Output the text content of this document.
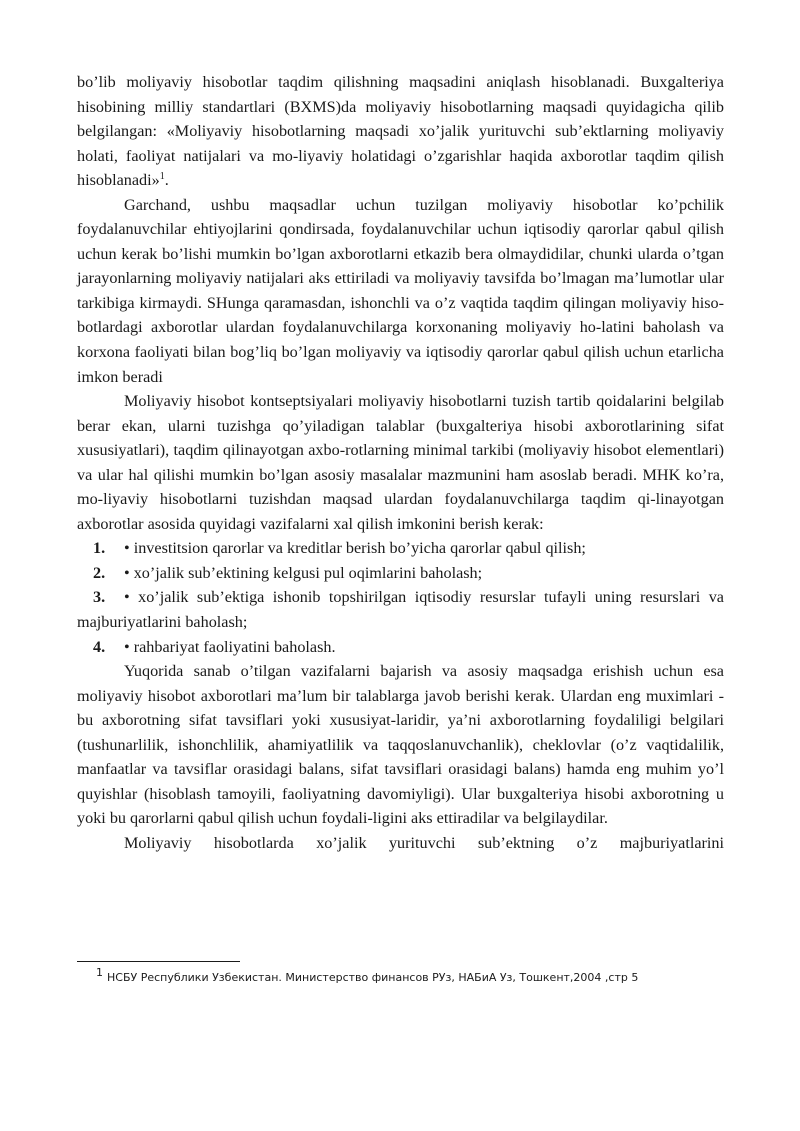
bo’lib moliyaviy hisobotlar taqdim qilishning maqsadini aniqlash hisoblanadi. Buxgalteriya hisobining milliy standartlari (BXMS)da moliyaviy hisobotlarning maqsadi quyidagicha qilib belgilangan: «Moliyaviy hisobotlarning maqsadi xo’jalik yurituvchi sub’ektlarning moliyaviy holati, faoliyat natijalari va mo-liyaviy holatidagi o’zgarishlar haqida axborotlar taqdim qilish hisoblanadi»$^1$.

Garchand, ushbu maqsadlar uchun tuzilgan moliyaviy hisobotlar ko’pchilik foydalanuvchilar ehtiyojlarini qondirsada, foydalanuvchilar uchun iqtisodiy qarorlar qabul qilish uchun kerak bo’lishi mumkin bo’lgan axborotlarni etkazib bera olmaydidilar, chunki ularda o’tgan jarayonlarning moliyaviy natijalari aks ettiriladi va moliyaviy tavsifda bo’lmagan ma’lumotlar ular tarkibiga kirmaydi. SHunga qaramasdan, ishonchli va o’z vaqtida taqdim qilingan moliyaviy hiso-botlardagi axborotlar ulardan foydalanuvchilarga korxonaning moliyaviy ho-latini baholash va korxona faoliyati bilan bog’liq bo’lgan moliyaviy va iqtisodiy qarorlar qabul qilish uchun etarlicha imkon beradi

Moliyaviy hisobot kontseptsiyalari moliyaviy hisobotlarni tuzish tartib qoidalarini belgilab berar ekan, ularni tuzishga qo’yiladigan talablar (buxgalteriya hisobi axborotlarining sifat xususiyatlari), taqdim qilinayotgan axbo-rotlarning minimal tarkibi (moliyaviy hisobot elementlari) va ular hal qilishi mumkin bo’lgan asosiy masalalar mazmunini ham asoslab beradi. MHK ko’ra, mo-liyaviy hisobotlarni tuzishdan maqsad ulardan foydalanuvchilarga taqdim qi-linayotgan axborotlar asosida quyidagi vazifalarni xal qilish imkonini berish kerak:

1. • investitsion qarorlar va kreditlar berish bo’yicha qarorlar qabul qilish;

2. • xo’jalik sub’ektining kelgusi pul oqimlarini baholash;

3. • xo’jalik sub’ektiga ishonib topshirilgan iqtisodiy resurslar tufayli uning resurslari va majburiyatlarini baholash;

4. • rahbariyat faoliyatini baholash.

Yuqorida sanab o’tilgan vazifalarni bajarish va asosiy maqsadga erishish uchun esa moliyaviy hisobot axborotlari ma’lum bir talablarga javob berishi kerak. Ulardan eng muximlari - bu axborotning sifat tavsiflari yoki xususiyat-laridir, ya’ni axborotlarning foydaliligi belgilari (tushunarlilik, ishonchlilik, ahamiyatlilik va taqqoslanuvchanlik), cheklovlar (o’z vaqtidalilik, manfaatlar va tavsiflar orasidagi balans, sifat tavsiflari orasidagi balans) hamda eng muhim yo’l quyishlar (hisoblash tamoyili, faoliyatning davomiyligi). Ular buxgalteriya hisobi axborotning u yoki bu qarorlarni qabul qilish uchun foydali-ligini aks ettiradilar va belgilaydilar.

Moliyaviy hisobotlarda xo’jalik yurituvchi sub’ektning o’z majburiyatlarini

1 НСБУ Республики Узбекистан. Министерство финансов РУз, НАБиА Уз, Тошкент,2004 ,стр 5
